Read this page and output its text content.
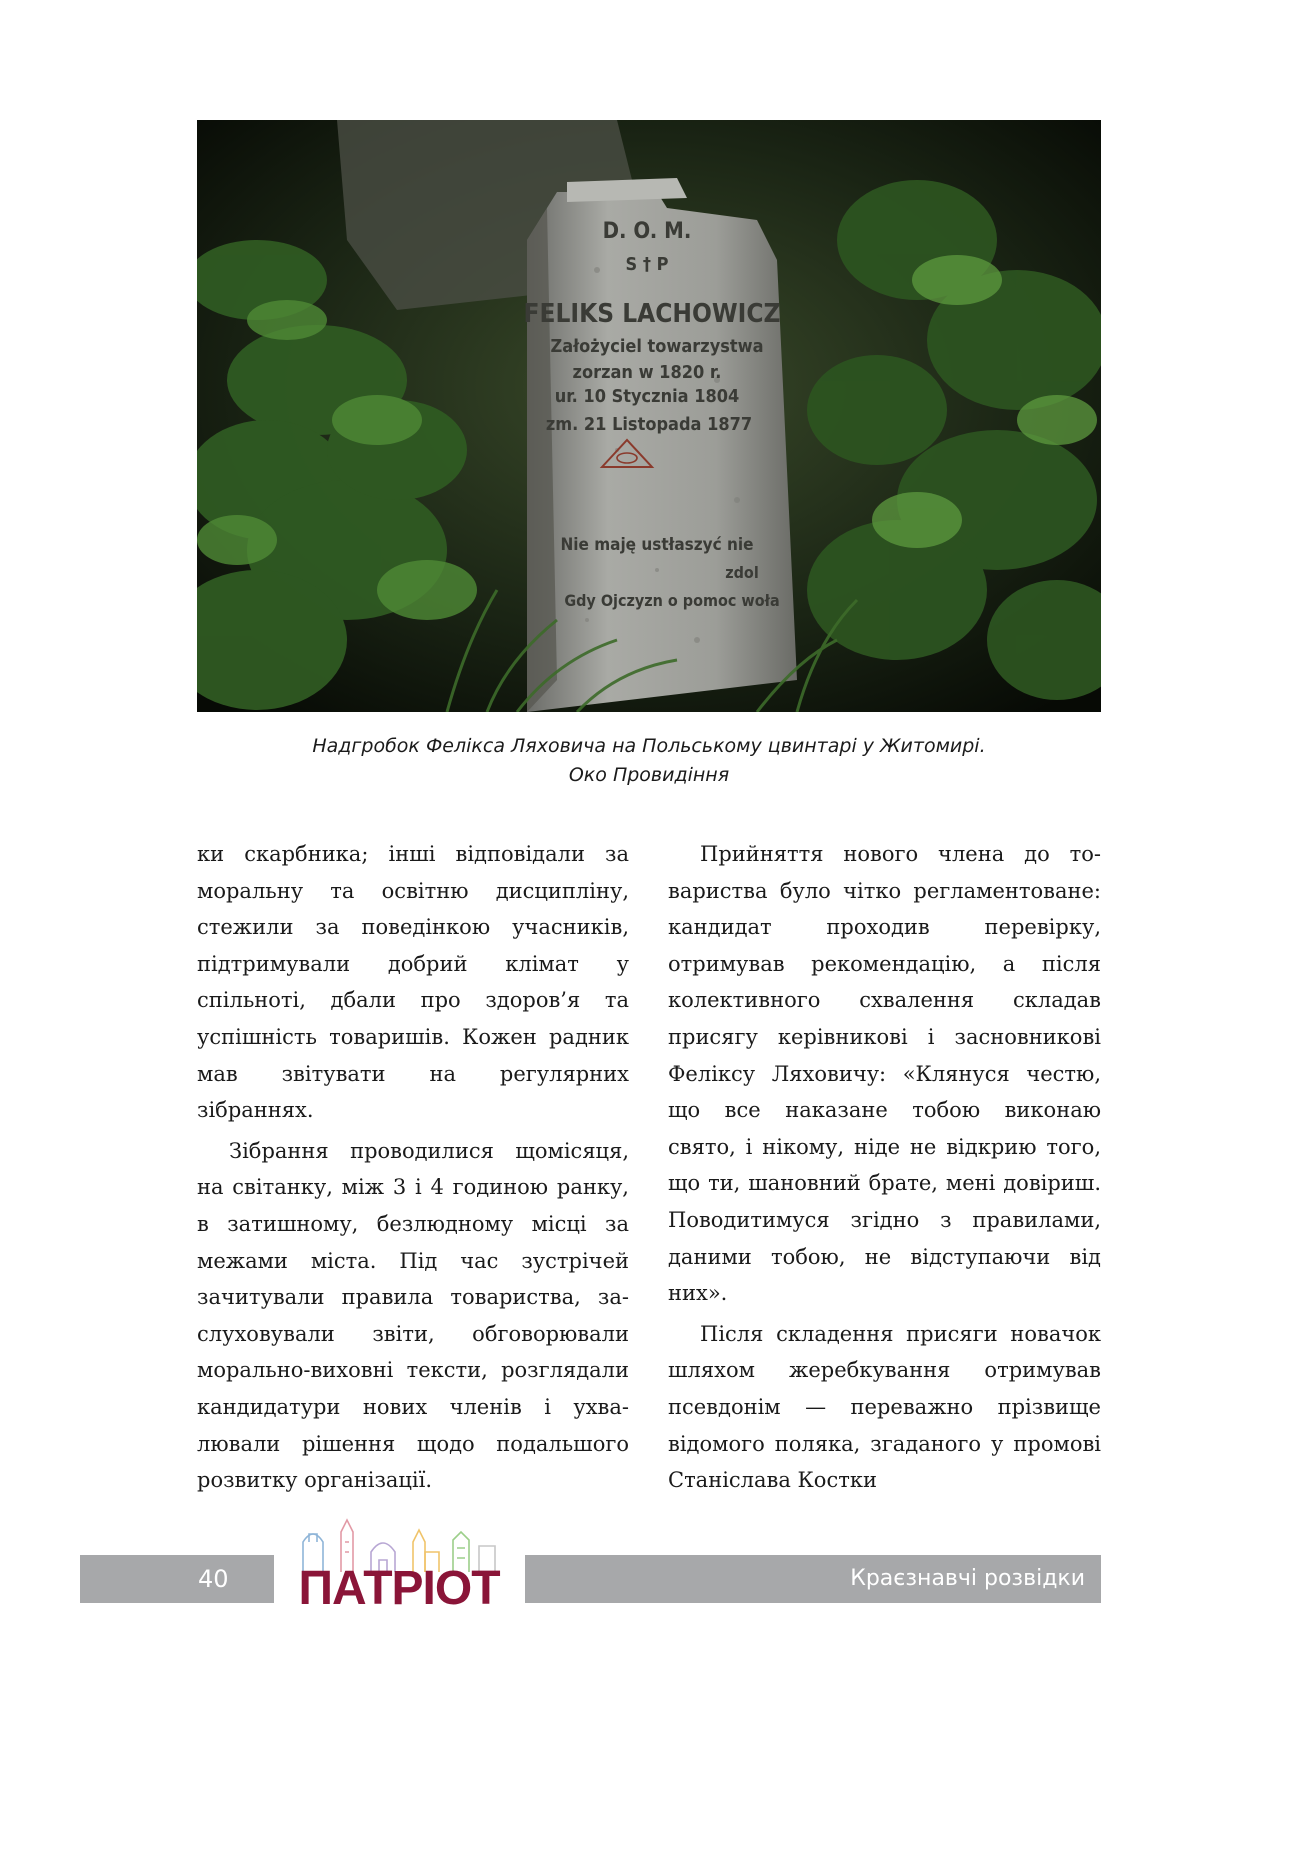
D. O. M.
S † P
FELIKS LACHOWICZ
Założyciel towarzystwa
zorzan w 1820 r.
ur. 10 Stycznia 1804
zm. 21 Listopada 1877
Nie maję ustłaszyć nie
zdol
Gdy Ojczyzn o pomoc woła
Надгробок Фелікса Ляховича на Польському цвинтарі у Житомирі.
Око Провидіння

ки скарбника; інші відповідали за моральну та освітню дисципліну, стежили за поведінкою учасників, підтримували добрий клімат у спільноті, дбали про здоров’я та успішність товаришів. Кожен радник мав звітувати на регулярних зібраннях.

Зібрання проводилися щомісяця, на світанку, між 3 і 4 годиною ранку, в затишному, безлюдному місці за межами міста. Під час зустрічей зачитували правила товариства, заслуховували звіти, обговорювали морально-виховні тексти, розглядали кандидатури нових членів і ухвалювали рішення щодо подальшого розвитку організації.

Прийняття нового члена до товариства було чітко регламентоване: кандидат проходив перевірку, отримував рекомендацію, а після колективного схвалення складав присягу керівникові і засновникові Феліксу Ляховичу: «Клянуся честю, що все наказане тобою виконаю свято, і нікому, ніде не відкрию того, що ти, шановний брате, мені довіриш. Поводитимуся згідно з правилами, даними тобою, не відступаючи від них».

Після складення присяги новачок шляхом жеребкування отримував псевдонім — переважно прізвище відомого поляка, згаданого у промові Станіслава Костки

40	Краєзнавчі розвідки
ПАТРІОТ
